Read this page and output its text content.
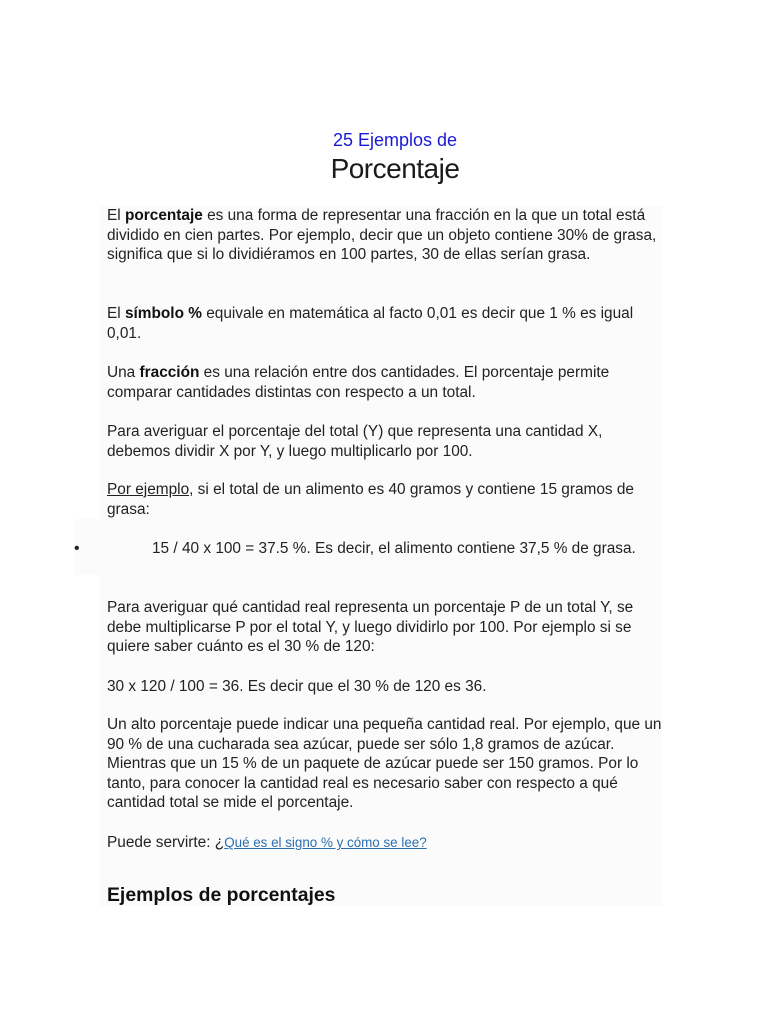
25 Ejemplos de
Porcentaje

El porcentaje es una forma de representar una fracción en la que un total está dividido en cien partes. Por ejemplo, decir que un objeto contiene 30% de grasa, significa que si lo dividiéramos en 100 partes, 30 de ellas serían grasa.

El símbolo % equivale en matemática al facto 0,01 es decir que 1 % es igual 0,01.

Una fracción es una relación entre dos cantidades. El porcentaje permite comparar cantidades distintas con respecto a un total.

Para averiguar el porcentaje del total (Y) que representa una cantidad X, debemos dividir X por Y, y luego multiplicarlo por 100.

Por ejemplo, si el total de un alimento es 40 gramos y contiene 15 gramos de grasa:

•	15 / 40 x 100 = 37.5 %. Es decir, el alimento contiene 37,5 % de grasa.

Para averiguar qué cantidad real representa un porcentaje P de un total Y, se debe multiplicarse P por el total Y, y luego dividirlo por 100. Por ejemplo si se quiere saber cuánto es el 30 % de 120:

30 x 120 / 100 = 36. Es decir que el 30 % de 120 es 36.

Un alto porcentaje puede indicar una pequeña cantidad real. Por ejemplo, que un 90 % de una cucharada sea azúcar, puede ser sólo 1,8 gramos de azúcar. Mientras que un 15 % de un paquete de azúcar puede ser 150 gramos. Por lo tanto, para conocer la cantidad real es necesario saber con respecto a qué cantidad total se mide el porcentaje.

Puede servirte: ¿Qué es el signo % y cómo se lee?

Ejemplos de porcentajes
